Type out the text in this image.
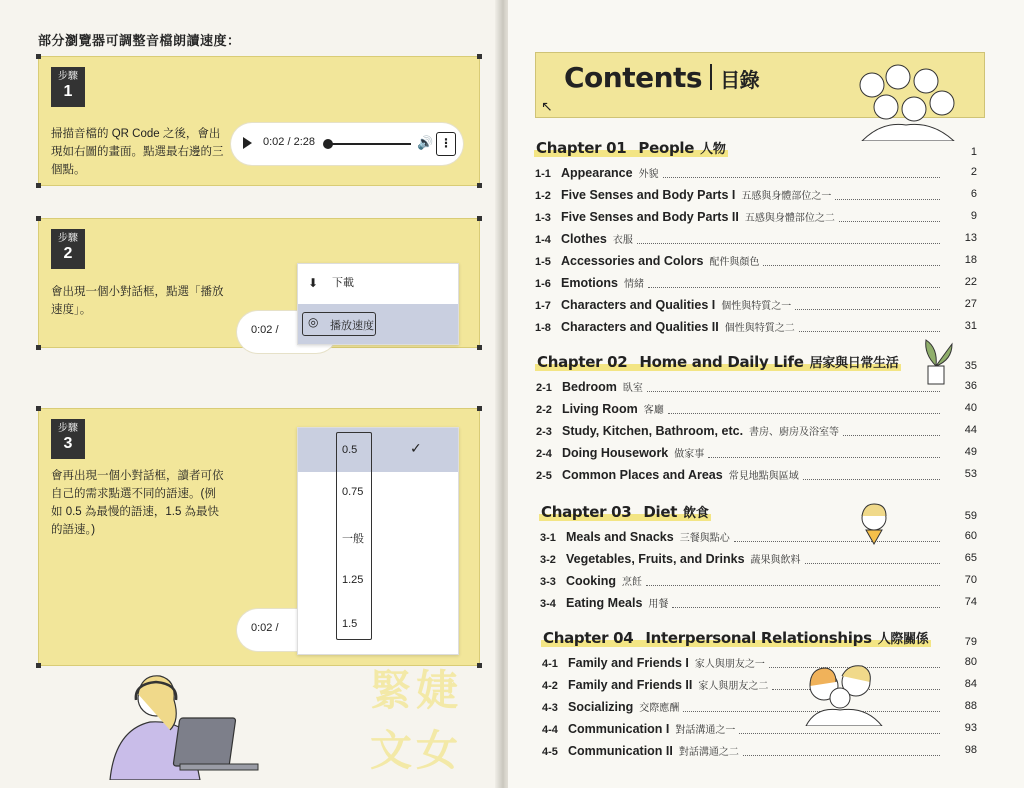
部分瀏覽器可調整音檔朗讀速度：
步驟
1
掃描音檔的 QR Code 之後，會出現如右圖的畫面。點選最右邊的三個點。
0:02 / 2:28	🔊 ⋮
步驟
2
會出現一個小對話框，點選「播放速度」。
0:02 /
⬇ 下載
◎ 播放速度
步驟
3
會再出現一個小對話框，讀者可依自己的需求點選不同的語速。(例如 0.5 為最慢的語速，1.5 為最快的語速。)
0:02 /
0.5	✓
0.75
一般
1.25
1.5
緊婕文女
Contents 目錄
↖
Chapter 01 People 人物	1
1-1 Appearance 外貌	2
1-2 Five Senses and Body Parts I 五感與身體部位之一	6
1-3 Five Senses and Body Parts II 五感與身體部位之二	9
1-4 Clothes 衣服	13
1-5 Accessories and Colors 配件與顏色	18
1-6 Emotions 情緒	22
1-7 Characters and Qualities I 個性與特質之一	27
1-8 Characters and Qualities II 個性與特質之二	31
Chapter 02 Home and Daily Life 居家與日常生活	35
2-1 Bedroom 臥室	36
2-2 Living Room 客廳	40
2-3 Study, Kitchen, Bathroom, etc. 書房、廚房及浴室等	44
2-4 Doing Housework 做家事	49
2-5 Common Places and Areas 常見地點與區域	53
Chapter 03 Diet 飲食	59
3-1 Meals and Snacks 三餐與點心	60
3-2 Vegetables, Fruits, and Drinks 蔬果與飲料	65
3-3 Cooking 烹飪	70
3-4 Eating Meals 用餐	74
Chapter 04 Interpersonal Relationships 人際關係	79
4-1 Family and Friends I 家人與朋友之一	80
4-2 Family and Friends II 家人與朋友之二	84
4-3 Socializing 交際應酬	88
4-4 Communication I 對話溝通之一	93
4-5 Communication II 對話溝通之二	98
